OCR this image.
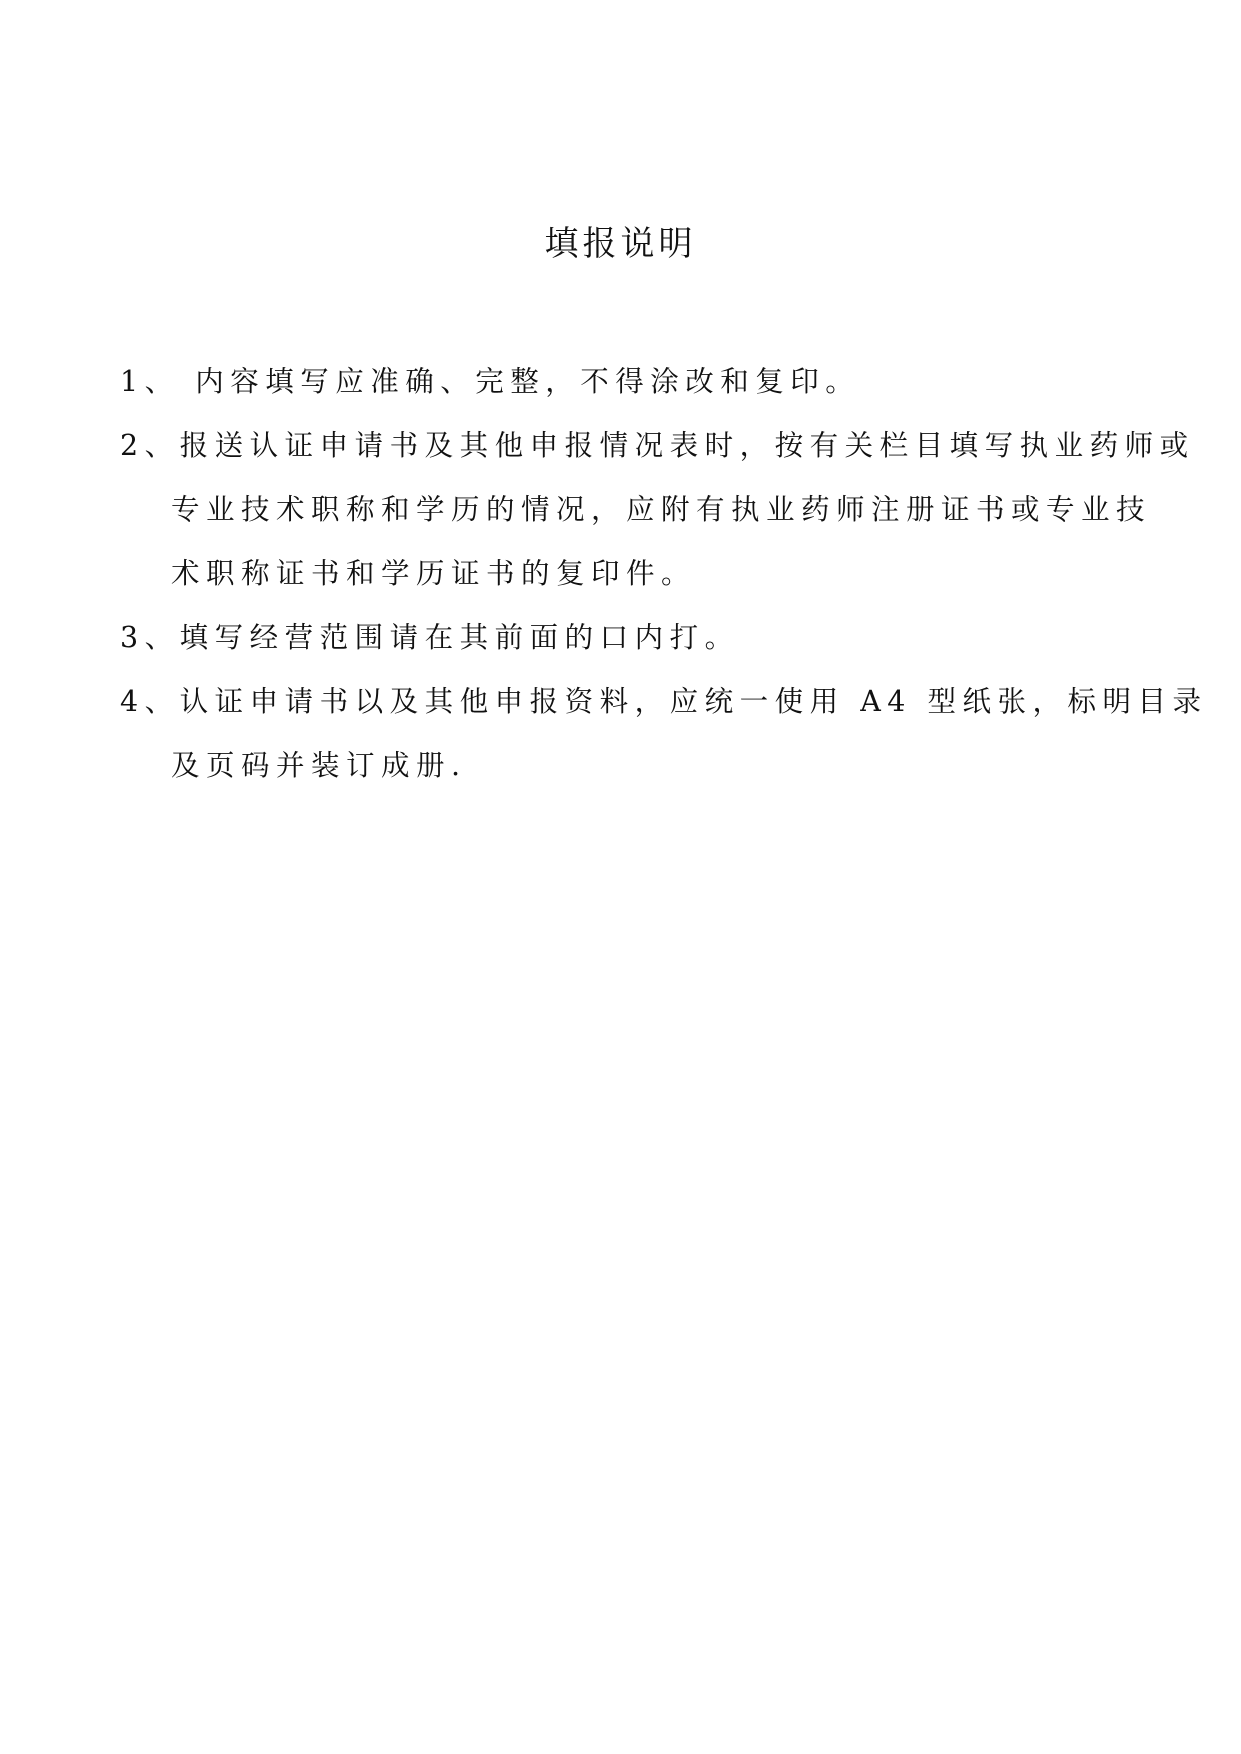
填报说明
1、 内容填写应准确、完整，不得涂改和复印。
2、报送认证申请书及其他申报情况表时，按有关栏目填写执业药师或
专业技术职称和学历的情况，应附有执业药师注册证书或专业技
术职称证书和学历证书的复印件。
3、填写经营范围请在其前面的口内打。
4、认证申请书以及其他申报资料，应统一使用 A4 型纸张，标明目录
及页码并装订成册.
